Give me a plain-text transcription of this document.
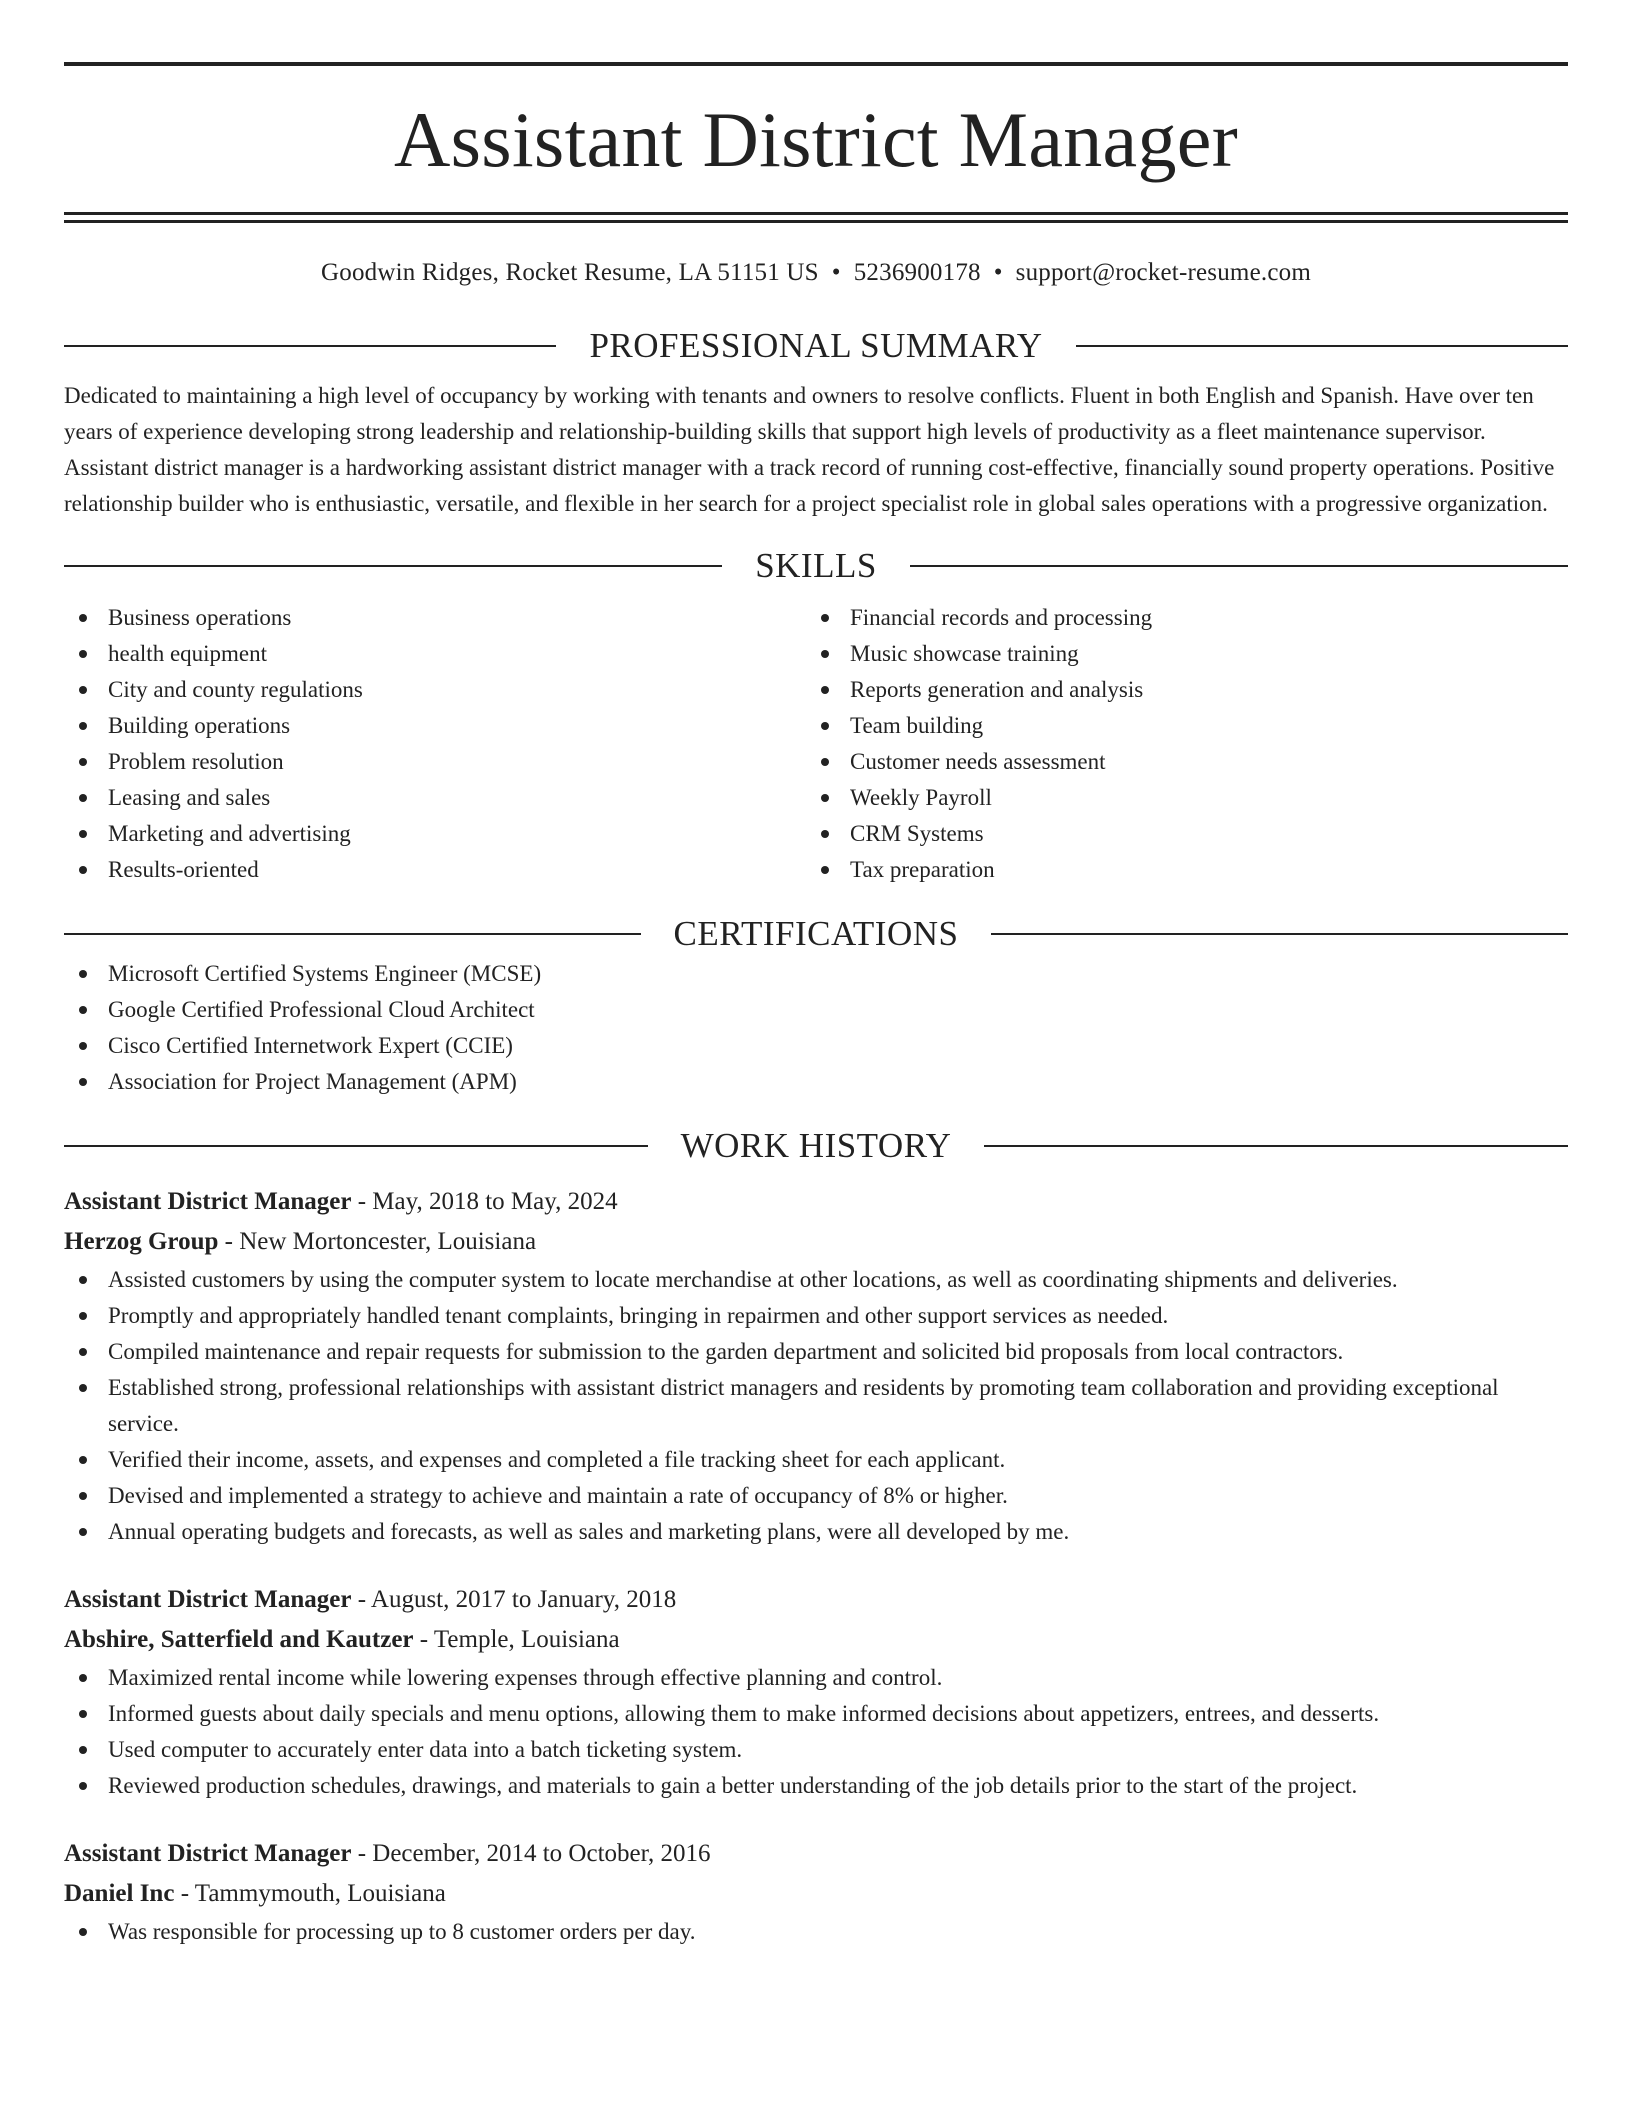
Assistant District Manager
Goodwin Ridges, Rocket Resume, LA 51151 US • 5236900178 • support@rocket-resume.com
PROFESSIONAL SUMMARY
Dedicated to maintaining a high level of occupancy by working with tenants and owners to resolve conflicts. Fluent in both English and Spanish. Have over ten years of experience developing strong leadership and relationship-building skills that support high levels of productivity as a fleet maintenance supervisor. Assistant district manager is a hardworking assistant district manager with a track record of running cost-effective, financially sound property operations. Positive relationship builder who is enthusiastic, versatile, and flexible in her search for a project specialist role in global sales operations with a progressive organization.
SKILLS
Business operations
health equipment
City and county regulations
Building operations
Problem resolution
Leasing and sales
Marketing and advertising
Results-oriented
Financial records and processing
Music showcase training
Reports generation and analysis
Team building
Customer needs assessment
Weekly Payroll
CRM Systems
Tax preparation
CERTIFICATIONS
Microsoft Certified Systems Engineer (MCSE)
Google Certified Professional Cloud Architect
Cisco Certified Internetwork Expert (CCIE)
Association for Project Management (APM)
WORK HISTORY
Assistant District Manager - May, 2018 to May, 2024
Herzog Group - New Mortoncester, Louisiana
Assisted customers by using the computer system to locate merchandise at other locations, as well as coordinating shipments and deliveries.
Promptly and appropriately handled tenant complaints, bringing in repairmen and other support services as needed.
Compiled maintenance and repair requests for submission to the garden department and solicited bid proposals from local contractors.
Established strong, professional relationships with assistant district managers and residents by promoting team collaboration and providing exceptional service.
Verified their income, assets, and expenses and completed a file tracking sheet for each applicant.
Devised and implemented a strategy to achieve and maintain a rate of occupancy of 8% or higher.
Annual operating budgets and forecasts, as well as sales and marketing plans, were all developed by me.
Assistant District Manager - August, 2017 to January, 2018
Abshire, Satterfield and Kautzer - Temple, Louisiana
Maximized rental income while lowering expenses through effective planning and control.
Informed guests about daily specials and menu options, allowing them to make informed decisions about appetizers, entrees, and desserts.
Used computer to accurately enter data into a batch ticketing system.
Reviewed production schedules, drawings, and materials to gain a better understanding of the job details prior to the start of the project.
Assistant District Manager - December, 2014 to October, 2016
Daniel Inc - Tammymouth, Louisiana
Was responsible for processing up to 8 customer orders per day.
